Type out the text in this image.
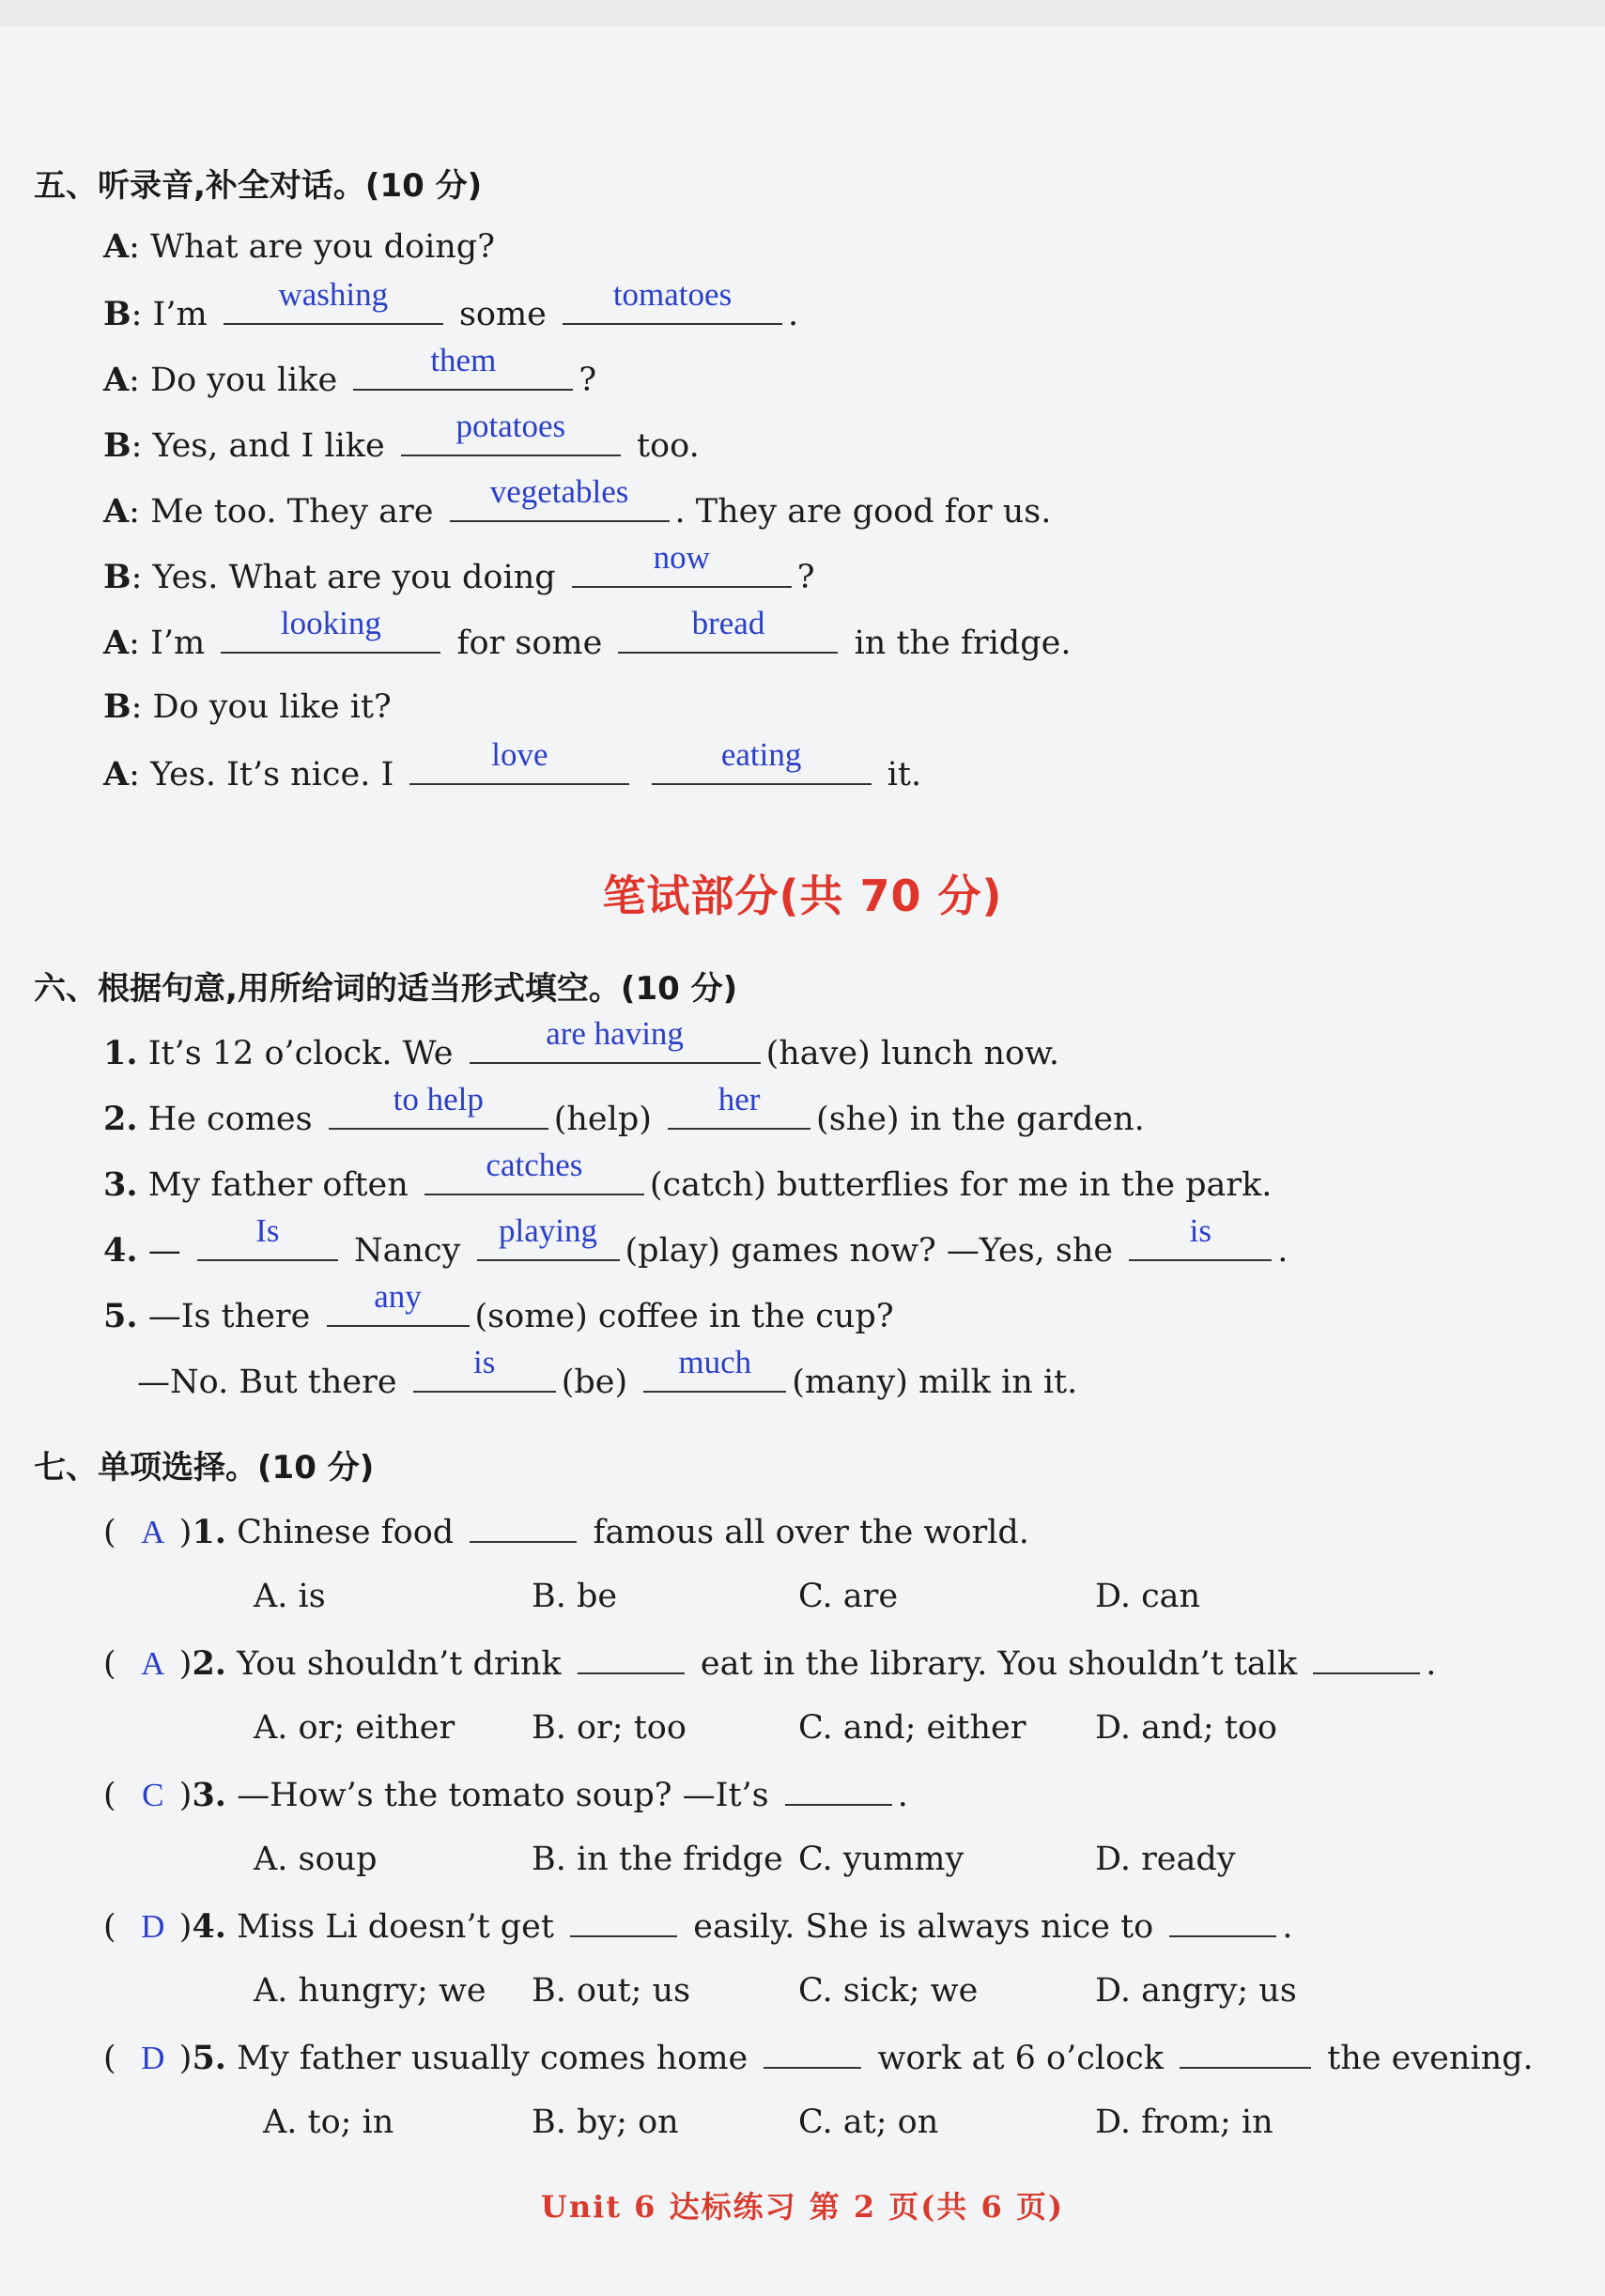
五、听录音,补全对话。(10 分)
A: What are you doing?
B: I’m
washing
some
tomatoes
.
A: Do you like
them
?
B: Yes, and I like
potatoes
too.
A: Me too. They are
vegetables
. They are good for us.
B: Yes. What are you doing
now
?
A: I’m
looking
for some
bread
in the fridge.
B: Do you like it?
A: Yes. It’s nice. I
love
	eating
it.
笔试部分(共 70 分)
六、根据句意,用所给词的适当形式填空。(10 分)
1. It’s 12 o’clock. We
are having
(have) lunch now.
2. He comes
to help
(help)
her
(she) in the garden.
3. My father often
catches
(catch) butterflies for me in the park.
4. —
Is
Nancy
playing
(play) games now? —Yes, she
is
.
5. —Is there
any
(some) coffee in the cup?
—No. But there
is
(be)
much
(many) milk in it.
七、单项选择。(10 分)
( A )1. Chinese food	famous all over the world.
A. is	B. be	C. are	D. can
( A )2. You shouldn’t drink	eat in the library. You shouldn’t talk	.
A. or; either B. or; too	C. and; either D. and; too
( C )3. —How’s the tomato soup? —It’s	.
A. soup	B. in the fridge C. yummy	D. ready
( D )4. Miss Li doesn’t get	easily. She is always nice to	.
A. hungry; we B. out; us	C. sick; we	D. angry; us
( D )5. My father usually comes home	work at 6 o’clock	the evening.
A. to; in	B. by; on	C. at; on	D. from; in
Unit 6 达标练习 第 2 页(共 6 页)
